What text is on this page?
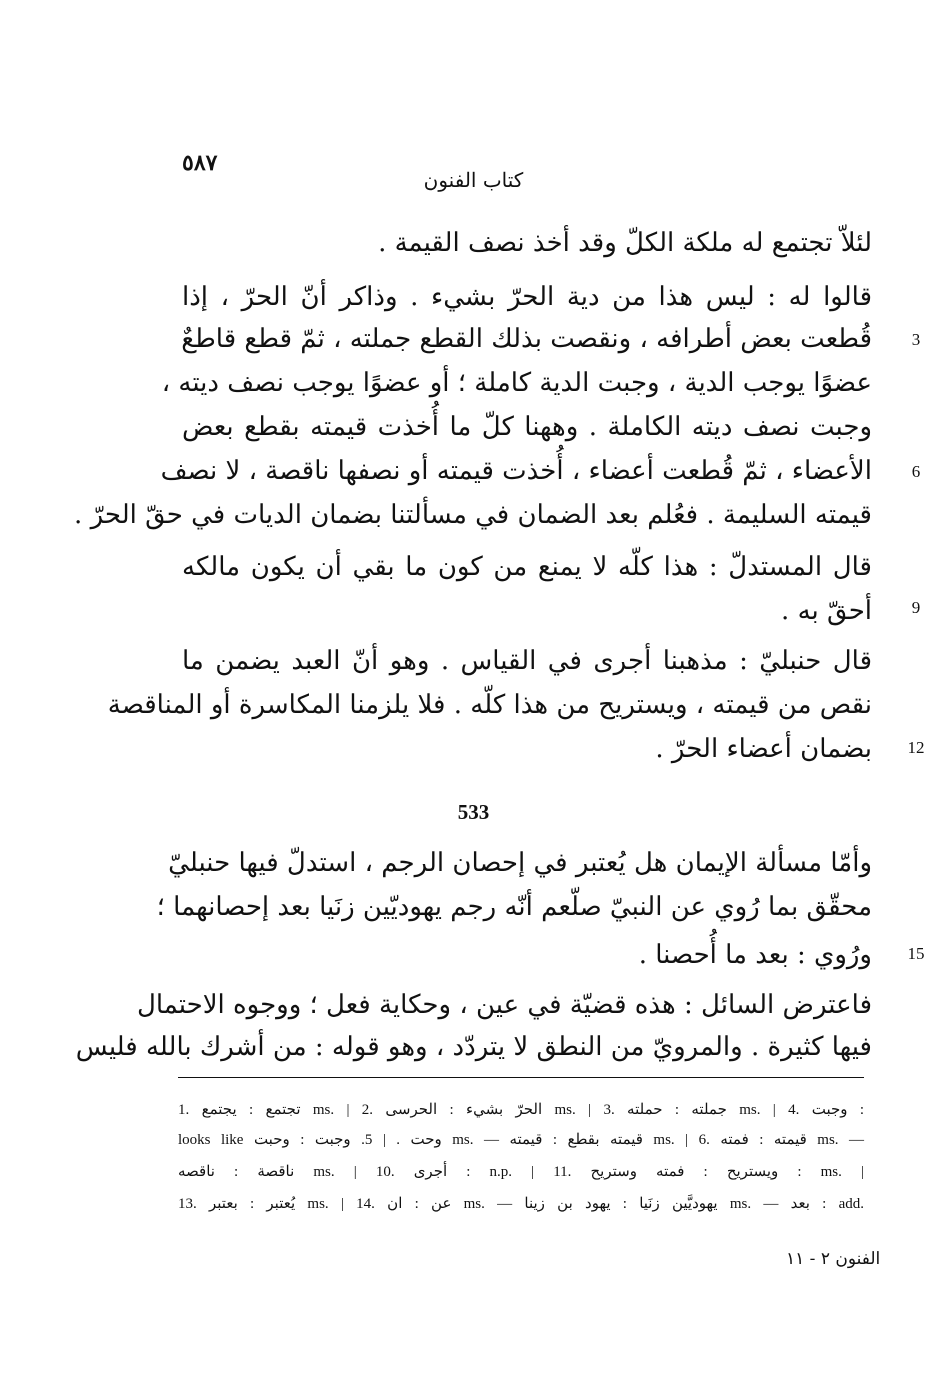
٥٨٧
كتاب الفنون
لئلاّ تجتمع له ملكة الكلّ وقد أخذ نصف القيمة .
قالوا له : ليس هذا من دية الحرّ بشيء . وذاكر أنّ الحرّ ، إذا
قُطعت بعض أطرافه ، ونقصت بذلك القطع جملته ، ثمّ قطع قاطعٌ	3
عضوًا يوجب الدية ، وجبت الدية كاملة ؛ أو عضوًا يوجب نصف ديته ،
وجبت نصف ديته الكاملة . وههنا كلّ ما أُخذت قيمته بقطع بعض
الأعضاء ، ثمّ قُطعت أعضاء ، أُخذت قيمته أو نصفها ناقصة ، لا نصف	6
قيمته السليمة . فعُلم بعد الضمان في مسألتنا بضمان الديات في حقّ الحرّ .
قال المستدلّ : هذا كلّه لا يمنع من كون ما بقي أن يكون مالكه
أحقّ به .	9
قال حنبليّ : مذهبنا أجرى في القياس . وهو أنّ العبد يضمن ما
نقص من قيمته ، ويستريح من هذا كلّه . فلا يلزمنا المكاسرة أو المناقصة
بضمان أعضاء الحرّ .	12
533
وأمّا مسألة الإيمان هل يُعتبر في إحصان الرجم ، استدلّ فيها حنبليّ
محقّق بما رُوي عن النبيّ صلّعم أنّه رجم يهوديّين زنَيا بعد إحصانهما ؛
ورُوي : بعد ما أُحصنا .	15
فاعترض السائل : هذه قضيّة في عين ، وحكاية فعل ؛ ووجوه الاحتمال
فيها كثيرة . والمرويّ من النطق لا يتردّد ، وهو قوله : من أشرك بالله فليس
1. تجتمع : يجتمع ms. | 2. الحرّ بشيء : الحرسى ms. | 3. جملته : حملته ms. | 4. وجبت :
looks like وحت . | 5. وجبت : وحبت ms. — قيمته بقطع : قيمته ms. | 6. قيمته : فمته ms. —
ناقصة : ناقصه ms. | 10. أجرى : n.p. | 11. ويستريح : فمته وستريح : ms. |
13. يُعتبر : بعتبر ms. | 14. عن : ان ms. — يهوديَّين زنَيا : يهود بن زينا ms. — بعد : add.
الفنون ٢ - ١١
